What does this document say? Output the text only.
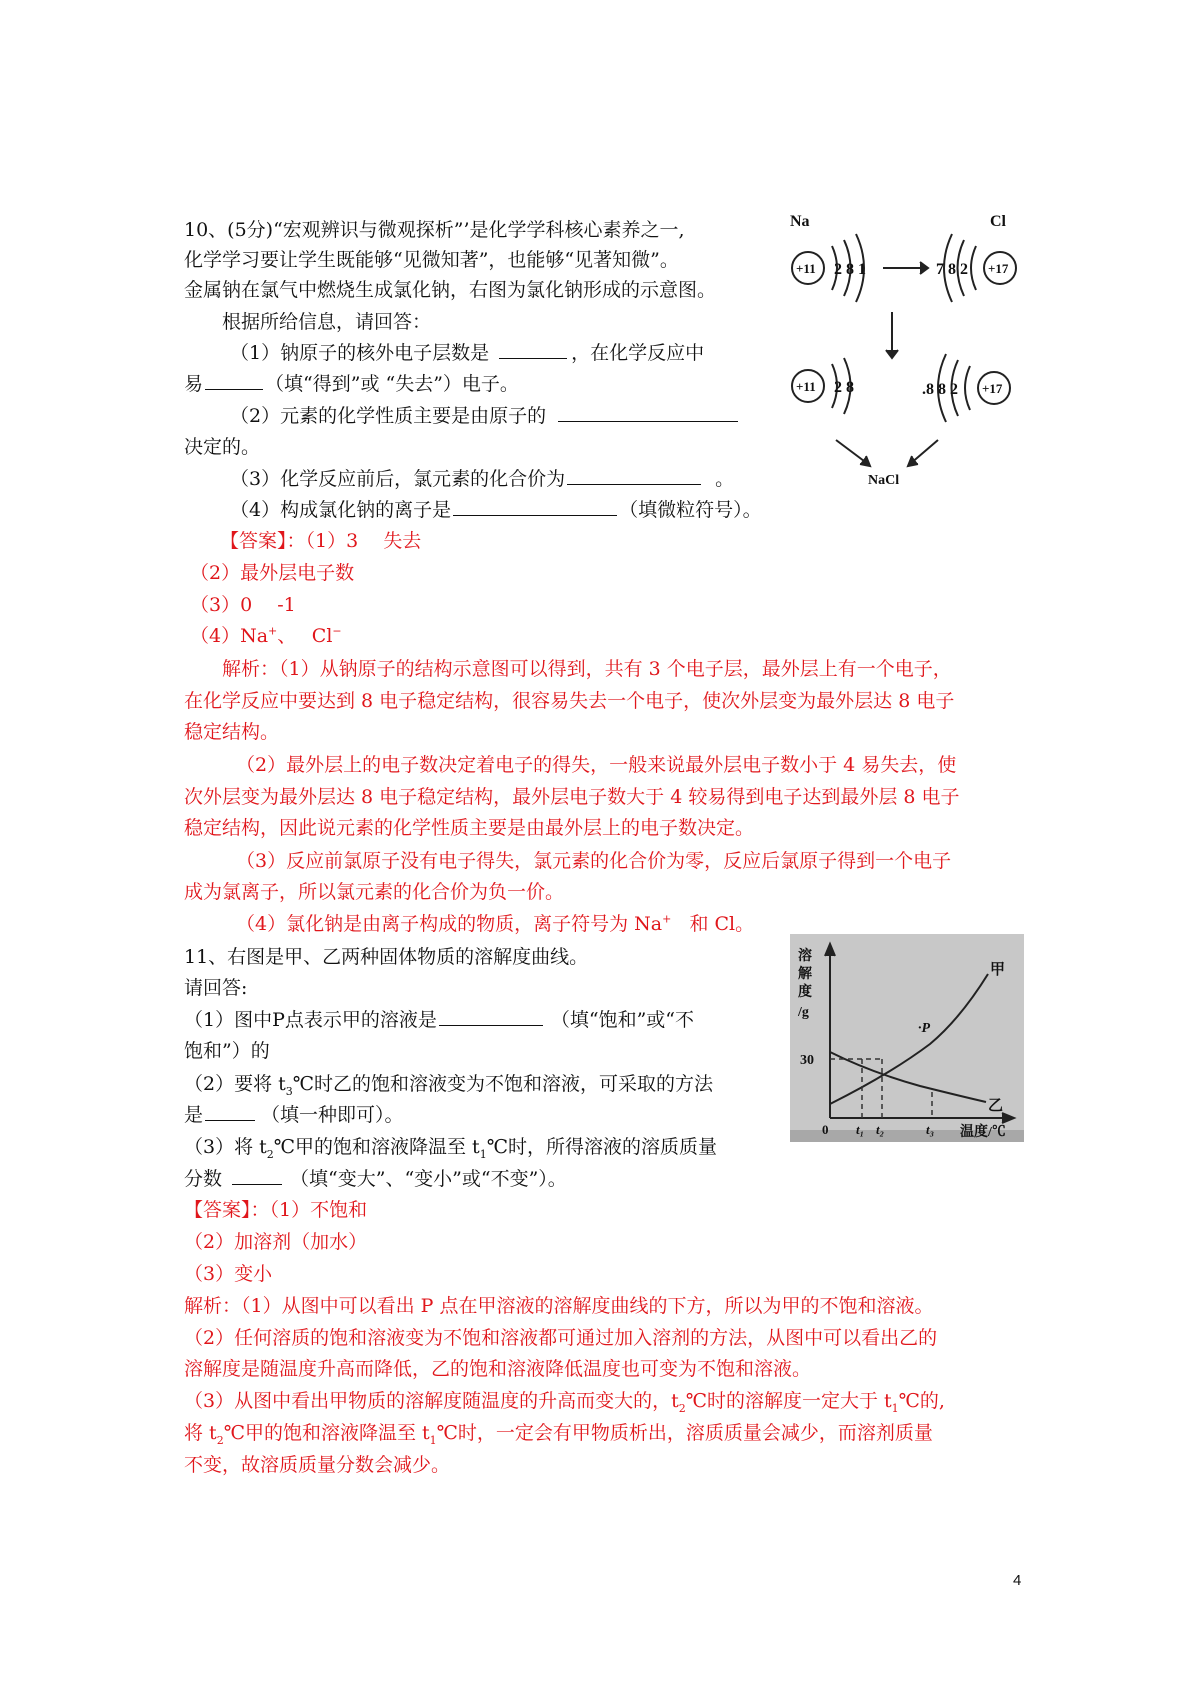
10、(5分)“宏观辨识与微观探析”’是化学学科核心素养之一,
化学学习要让学生既能够“见微知著”，也能够“见著知微”。
金属钠在氯气中燃烧生成氯化钠，右图为氯化钠形成的示意图。
根据所给信息，请回答：
（1）钠原子的核外电子层数是	，在化学反应中
易	（填“得到”或 “失去”）电子。
（2）元素的化学性质主要是由原子的
决定的。
（3）化学反应前后，氯元素的化合价为	。
（4）构成氯化钠的离子是	（填微粒符号）。
【答案】：（1）3　 失去
（2）最外层电子数
（3）0　 -1
（4）Na+、　 Cl−
解析：（1）从钠原子的结构示意图可以得到，共有 3 个电子层，最外层上有一个电子，
在化学反应中要达到 8 电子稳定结构，很容易失去一个电子，使次外层变为最外层达 8 电子
稳定结构。
（2）最外层上的电子数决定着电子的得失，一般来说最外层电子数小于 4 易失去，使
次外层变为最外层达 8 电子稳定结构，最外层电子数大于 4 较易得到电子达到最外层 8 电子
稳定结构，因此说元素的化学性质主要是由最外层上的电子数决定。
（3）反应前氯原子没有电子得失，氯元素的化合价为零，反应后氯原子得到一个电子
成为氯离子，所以氯元素的化合价为负一价。
（4）氯化钠是由离子构成的物质，离子符号为 Na+ 和 Cl。
Na
+11 2 8 1
Cl
+17
7 8 2
+11 2 8	+17
.8 8 2
NaCl
11、右图是甲、乙两种固体物质的溶解度曲线。
请回答:
（1）图中P点表示甲的溶液是	（填“饱和”或“不
饱和”）的
（2）要将 $t_3℃$时乙的饱和溶液变为不饱和溶液，可采取的方法
是	（填一种即可）。
（3）将 $t_2℃$甲的饱和溶液降温至 $t_1℃$时，所得溶液的溶质质量
分数	（填“变大”、“变小”或“不变”）。
【答案】：（1）不饱和
（2）加溶剂（加水）
（3）变小
解析：（1）从图中可以看出 P 点在甲溶液的溶解度曲线的下方，所以为甲的不饱和溶液。
（2）任何溶质的饱和溶液变为不饱和溶液都可通过加入溶剂的方法，从图中可以看出乙的
溶解度是随温度升高而降低，乙的饱和溶液降低温度也可变为不饱和溶液。
（3）从图中看出甲物质的溶解度随温度的升高而变大的，$t_2℃$时的溶解度一定大于 $t_1℃$的,
将 $t_2℃$甲的饱和溶液降温至 $t_1℃$时，一定会有甲物质析出，溶质质量会减少，而溶剂质量
不变，故溶质质量分数会减少。
溶
解
度
/g
30
甲
乙
·P
0 t₁ t₂	t₃ 温度/℃
4
